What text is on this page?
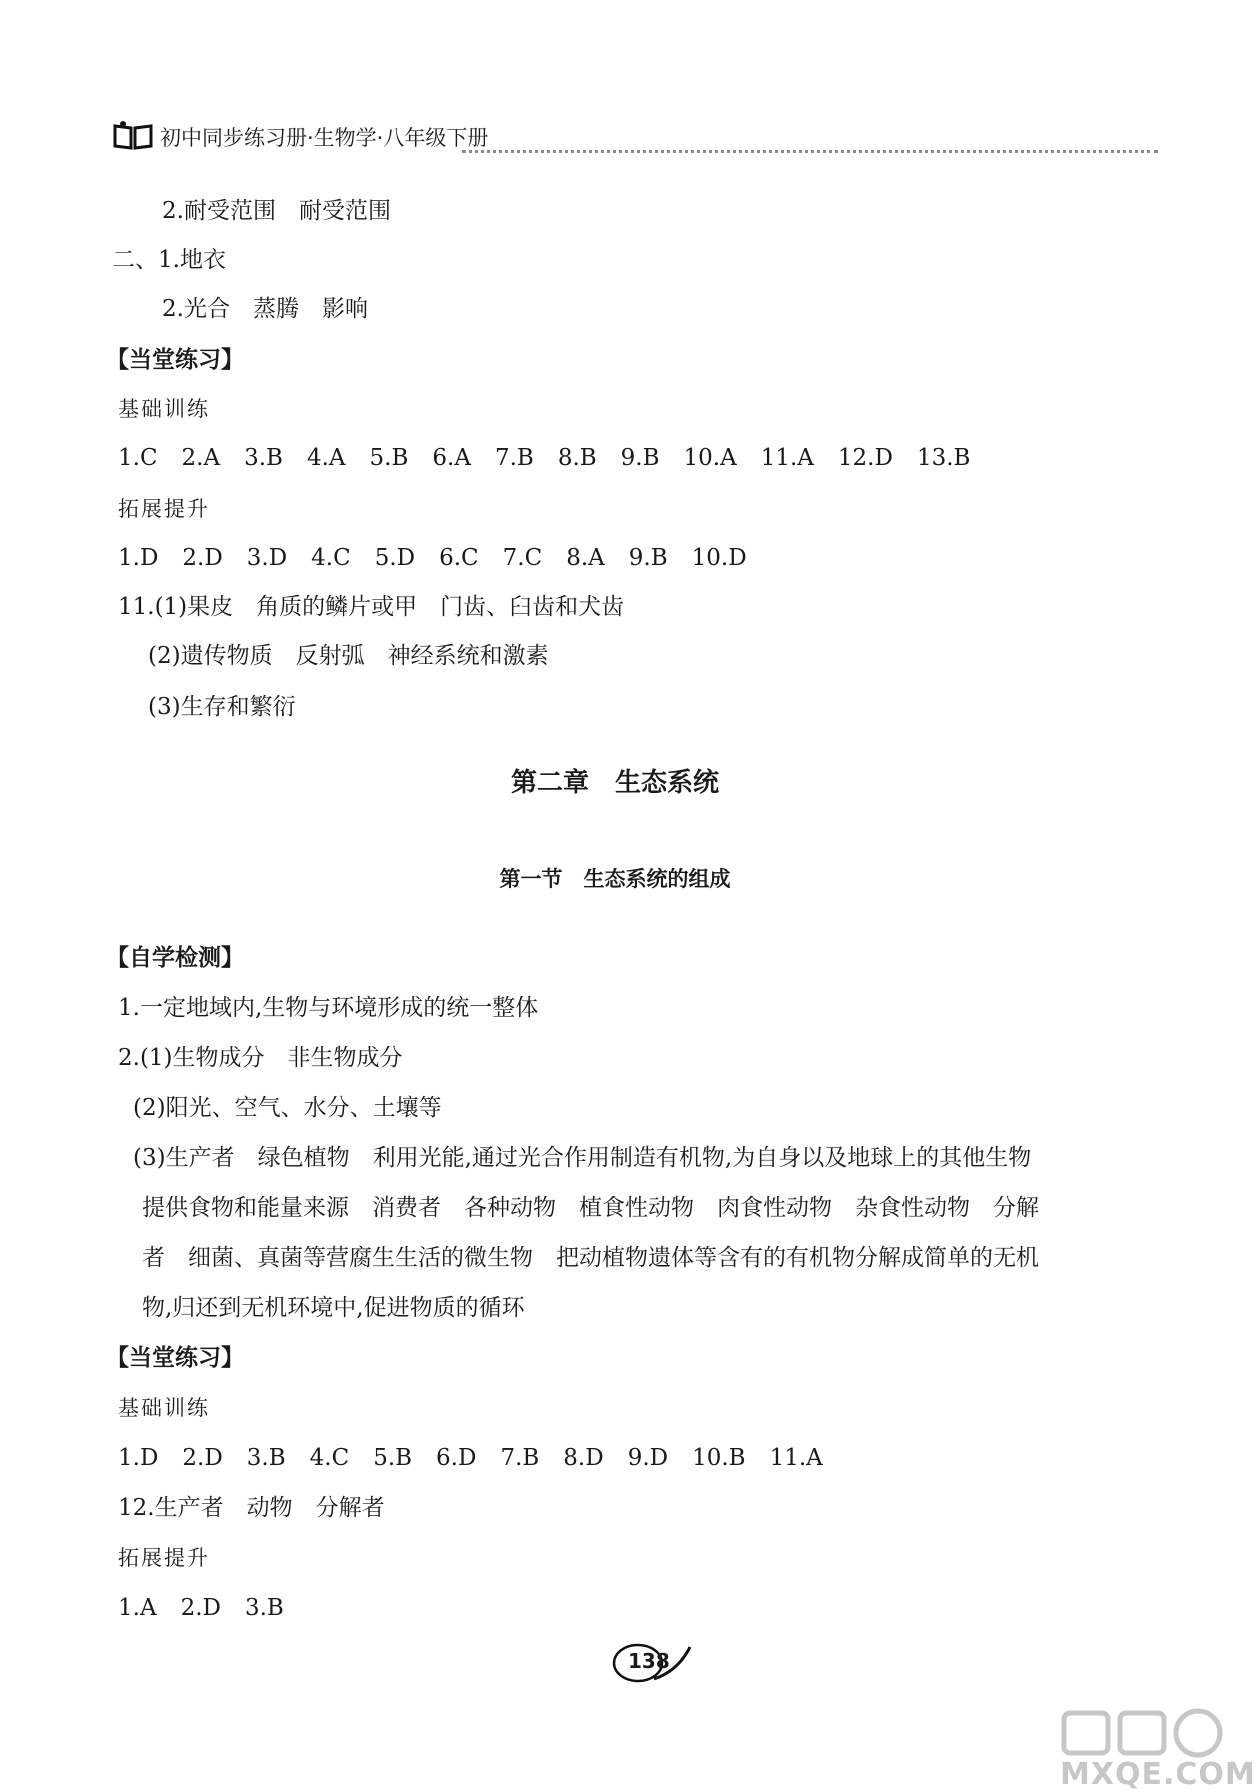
初中同步练习册·生物学·八年级下册
2.耐受范围　耐受范围
二、1.地衣
2.光合　蒸腾　影响
【当堂练习】
基础训练
1.C 2.A 3.B 4.A 5.B 6.A 7.B 8.B 9.B 10.A 11.A 12.D 13.B
拓展提升
1.D 2.D 3.D 4.C 5.D 6.C 7.C 8.A 9.B 10.D
11.(1)果皮　角质的鳞片或甲　门齿、臼齿和犬齿
(2)遗传物质　反射弧　神经系统和激素
(3)生存和繁衍
第二章　生态系统
第一节　生态系统的组成
【自学检测】
1.一定地域内,生物与环境形成的统一整体
2.(1)生物成分　非生物成分
(2)阳光、空气、水分、土壤等
(3)生产者　绿色植物　利用光能,通过光合作用制造有机物,为自身以及地球上的其他生物
提供食物和能量来源　消费者　各种动物　植食性动物　肉食性动物　杂食性动物　分解
者　细菌、真菌等营腐生生活的微生物　把动植物遗体等含有的有机物分解成简单的无机
物,归还到无机环境中,促进物质的循环
【当堂练习】
基础训练
1.D 2.D 3.B 4.C 5.B 6.D 7.B 8.D 9.D 10.B 11.A
12.生产者　动物　分解者
拓展提升
1.A 2.D 3.B
138
MXQE.COM
